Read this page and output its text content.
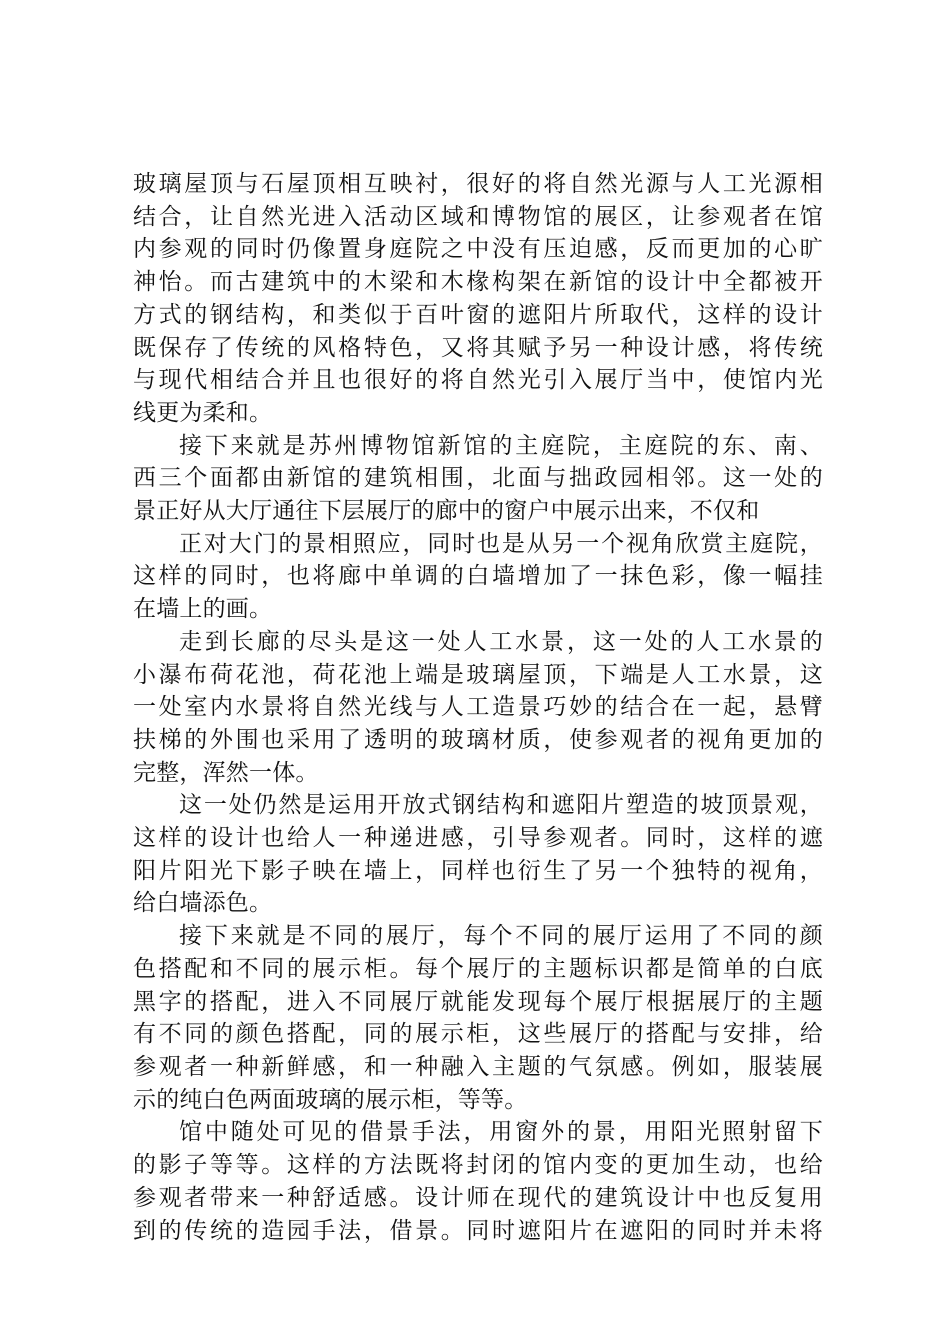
玻璃屋顶与石屋顶相互映衬，很好的将自然光源与人工光源相
结合，让自然光进入活动区域和博物馆的展区，让参观者在馆
内参观的同时仍像置身庭院之中没有压迫感，反而更加的心旷
神怡。而古建筑中的木梁和木椽构架在新馆的设计中全都被开
方式的钢结构，和类似于百叶窗的遮阳片所取代，这样的设计
既保存了传统的风格特色，又将其赋予另一种设计感，将传统
与现代相结合并且也很好的将自然光引入展厅当中，使馆内光
线更为柔和。
接下来就是苏州博物馆新馆的主庭院，主庭院的东、南、
西三个面都由新馆的建筑相围，北面与拙政园相邻。这一处的
景正好从大厅通往下层展厅的廊中的窗户中展示出来，不仅和
正对大门的景相照应，同时也是从另一个视角欣赏主庭院，
这样的同时，也将廊中单调的白墙增加了一抹色彩，像一幅挂
在墙上的画。
走到长廊的尽头是这一处人工水景，这一处的人工水景的
小瀑布荷花池，荷花池上端是玻璃屋顶，下端是人工水景，这
一处室内水景将自然光线与人工造景巧妙的结合在一起，悬臂
扶梯的外围也采用了透明的玻璃材质，使参观者的视角更加的
完整，浑然一体。
这一处仍然是运用开放式钢结构和遮阳片塑造的坡顶景观，
这样的设计也给人一种递进感，引导参观者。同时，这样的遮
阳片阳光下影子映在墙上，同样也衍生了另一个独特的视角，
给白墙添色。
接下来就是不同的展厅，每个不同的展厅运用了不同的颜
色搭配和不同的展示柜。每个展厅的主题标识都是简单的白底
黑字的搭配，进入不同展厅就能发现每个展厅根据展厅的主题
有不同的颜色搭配，同的展示柜，这些展厅的搭配与安排，给
参观者一种新鲜感，和一种融入主题的气氛感。例如，服装展
示的纯白色两面玻璃的展示柜，等等。
馆中随处可见的借景手法，用窗外的景，用阳光照射留下
的影子等等。这样的方法既将封闭的馆内变的更加生动，也给
参观者带来一种舒适感。设计师在现代的建筑设计中也反复用
到的传统的造园手法，借景。同时遮阳片在遮阳的同时并未将
